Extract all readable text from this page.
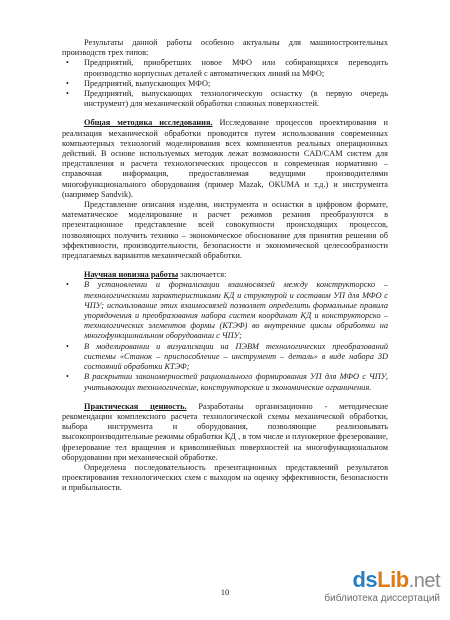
Результаты данной работы особенно актуальны для машиностроительных производств трех типов:

• Предприятий, приобретших новое МФО или собирающихся переводить производство корпусных деталей с автоматических линий на МФО;
• Предприятий, выпускающих МФО;
• Предприятий, выпускающих технологическую оснастку (в первую очередь инструмент) для механической обработки сложных поверхностей.

Общая методика исследования. Исследование процессов проектирования и реализация механической обработки проводится путем использования современных компьютерных технологий моделирования всех компонентов реальных операционных действий. В основе используемых методик лежат возможности CAD/CAM систем для представления и расчета технологических процессов и современная нормативно – справочная информация, предоставляемая ведущими производителями многофункционального оборудования (пример Mazak, OKUMA и т.д.) и инструмента (например Sandvik).

Представление описания изделия, инструмента и оснастки в цифровом формате, математическое моделирование и расчет режимов резания преобразуются в презентационное представление всей совокупности происходящих процессов, позволяющих получить технико – экономическое обоснование для принятия решения об эффективности, производительности, безопасности и экономической целесообразности предлагаемых вариантов механической обработки.

Научная новизна работы заключается:

• В установлении и формализации взаимосвязей между конструкторско – технологическими характеристиками КД и структурой и составом УП для МФО с ЧПУ; использование этих взаимосвязей позволяет определить формальные правила упорядочения и преобразования набора систем координат КД и конструкторско – технологических элементов формы (КТЭФ) во внутренние циклы обработки на многофункциональном оборудовании с ЧПУ;
• В моделировании и визуализации на ПЭВМ технологических преобразований системы «Станок – приспособление – инструмент – деталь» в виде набора 3D состояний обработки КТЭФ;
• В раскрытии закономерностей рационального формирования УП для МФО с ЧПУ, учитывающих технологические, конструкторские и экономические ограничения.

Практическая ценность. Разработаны организационно - методические рекомендации комплексного расчета технологической схемы механической обработки, выбора инструмента и оборудования, позволяющие реализовывать высокопроизводительные режимы обработки КД , в том числе и плунжерное фрезерование, фрезерование тел вращения и криволинейных поверхностей на многофункциональном оборудовании при механической обработке.

Определена последовательность презентационных представлений результатов проектирования технологических схем с выходом на оценку эффективности, безопасности и прибыльности.

10	dsLib.net
библиотека диссертаций
